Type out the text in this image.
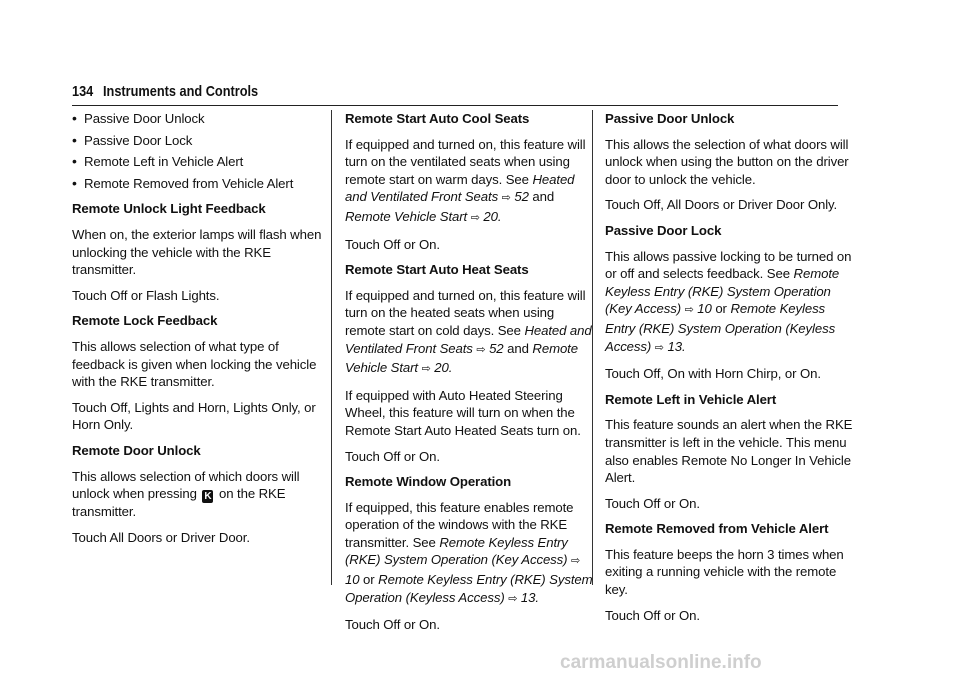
134 Instruments and Controls
• Passive Door Unlock
• Passive Door Lock
• Remote Left in Vehicle Alert
• Remote Removed from Vehicle Alert

Remote Unlock Light Feedback

When on, the exterior lamps will flash when unlocking the vehicle with the RKE transmitter.

Touch Off or Flash Lights.

Remote Lock Feedback

This allows selection of what type of feedback is given when locking the vehicle with the RKE transmitter.

Touch Off, Lights and Horn, Lights Only, or Horn Only.

Remote Door Unlock

This allows selection of which doors will unlock when pressing K on the RKE transmitter.

Touch All Doors or Driver Door.

Remote Start Auto Cool Seats

If equipped and turned on, this feature will turn on the ventilated seats when using remote start on warm days. See Heated and Ventilated Front Seats ⇨ 52 and Remote Vehicle Start ⇨ 20.

Touch Off or On.

Remote Start Auto Heat Seats

If equipped and turned on, this feature will turn on the heated seats when using remote start on cold days. See Heated and Ventilated Front Seats ⇨ 52 and Remote Vehicle Start ⇨ 20.

If equipped with Auto Heated Steering Wheel, this feature will turn on when the Remote Start Auto Heated Seats turn on.

Touch Off or On.

Remote Window Operation

If equipped, this feature enables remote operation of the windows with the RKE transmitter. See Remote Keyless Entry (RKE) System Operation (Key Access) ⇨ 10 or Remote Keyless Entry (RKE) System Operation (Keyless Access) ⇨ 13.

Touch Off or On.

Passive Door Unlock

This allows the selection of what doors will unlock when using the button on the driver door to unlock the vehicle.

Touch Off, All Doors or Driver Door Only.

Passive Door Lock

This allows passive locking to be turned on or off and selects feedback. See Remote Keyless Entry (RKE) System Operation (Key Access) ⇨ 10 or Remote Keyless Entry (RKE) System Operation (Keyless Access) ⇨ 13.

Touch Off, On with Horn Chirp, or On.

Remote Left in Vehicle Alert

This feature sounds an alert when the RKE transmitter is left in the vehicle. This menu also enables Remote No Longer In Vehicle Alert.

Touch Off or On.

Remote Removed from Vehicle Alert

This feature beeps the horn 3 times when exiting a running vehicle with the remote key.

Touch Off or On.

carmanualsonline.info
